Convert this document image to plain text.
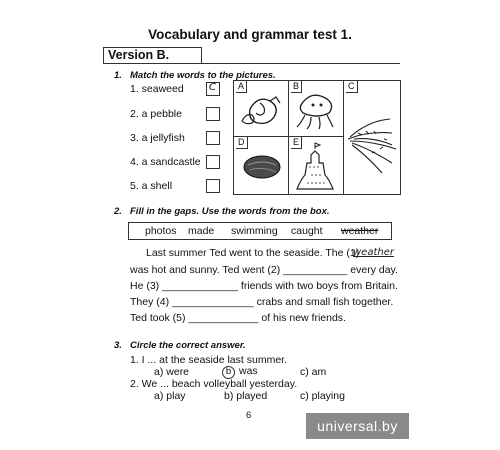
Vocabulary and grammar test 1.
Version B.
1. Match the words to the pictures.
1. seaweed
2. a pebble
3. a jellyfish
4. a sandcastle
5. a shell
C A	B	C
D	E
2. Fill in the gaps. Use the words from the box.
photos made swimming caught weather
Last summer Ted went to the seaside. The (1)
weather
was hot and sunny. Ted went (2) ___________ every day.
He (3) _____________ friends with two boys from Britain.
They (4) ______________ crabs and small fish together.
Ted took (5) ____________ of his new friends.
3. Circle the correct answer.
1. I ... at the seaside last summer.
a) were	b was	c) am
2. We ... beach volleyball yesterday.
a) play	b) played	c) playing
6
universal.by
